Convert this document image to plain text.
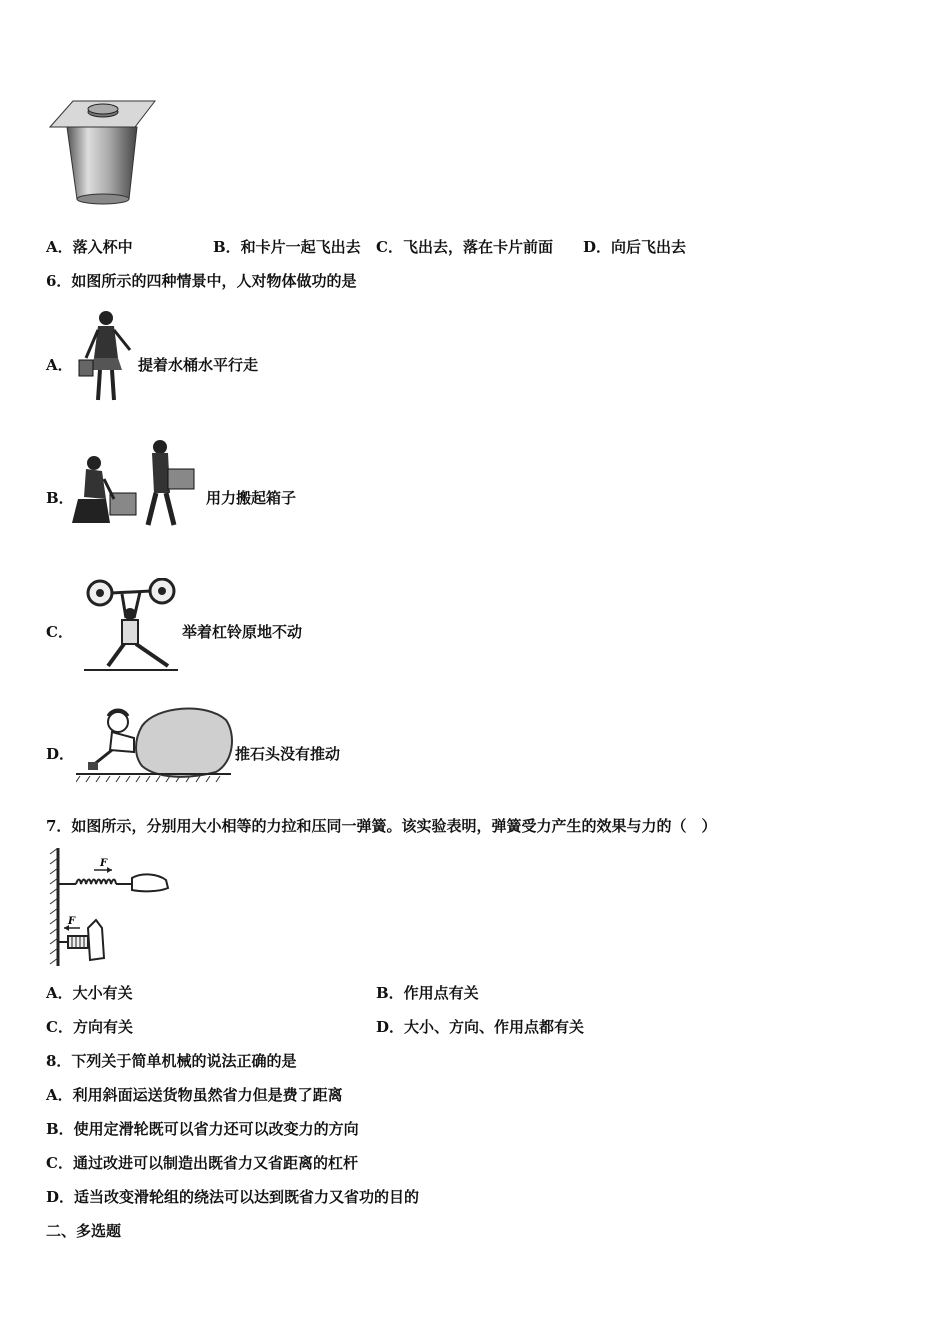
A．落入杯中	B．和卡片一起飞出去 C．飞出去，落在卡片前面 D．向后飞出去
6．如图所示的四种情景中，人对物体做功的是
A．	提着水桶水平行走
B．	用力搬起箱子
C．	举着杠铃原地不动
D．	推石头没有推动
7．如图所示，分别用大小相等的力拉和压同一弹簧。该实验表明，弹簧受力产生的效果与力的（　）
F
F
A．大小有关	B．作用点有关
C．方向有关	D．大小、方向、作用点都有关
8．下列关于简单机械的说法正确的是
A．利用斜面运送货物虽然省力但是费了距离
B．使用定滑轮既可以省力还可以改变力的方向
C．通过改进可以制造出既省力又省距离的杠杆
D．适当改变滑轮组的绕法可以达到既省力又省功的目的
二、多选题
